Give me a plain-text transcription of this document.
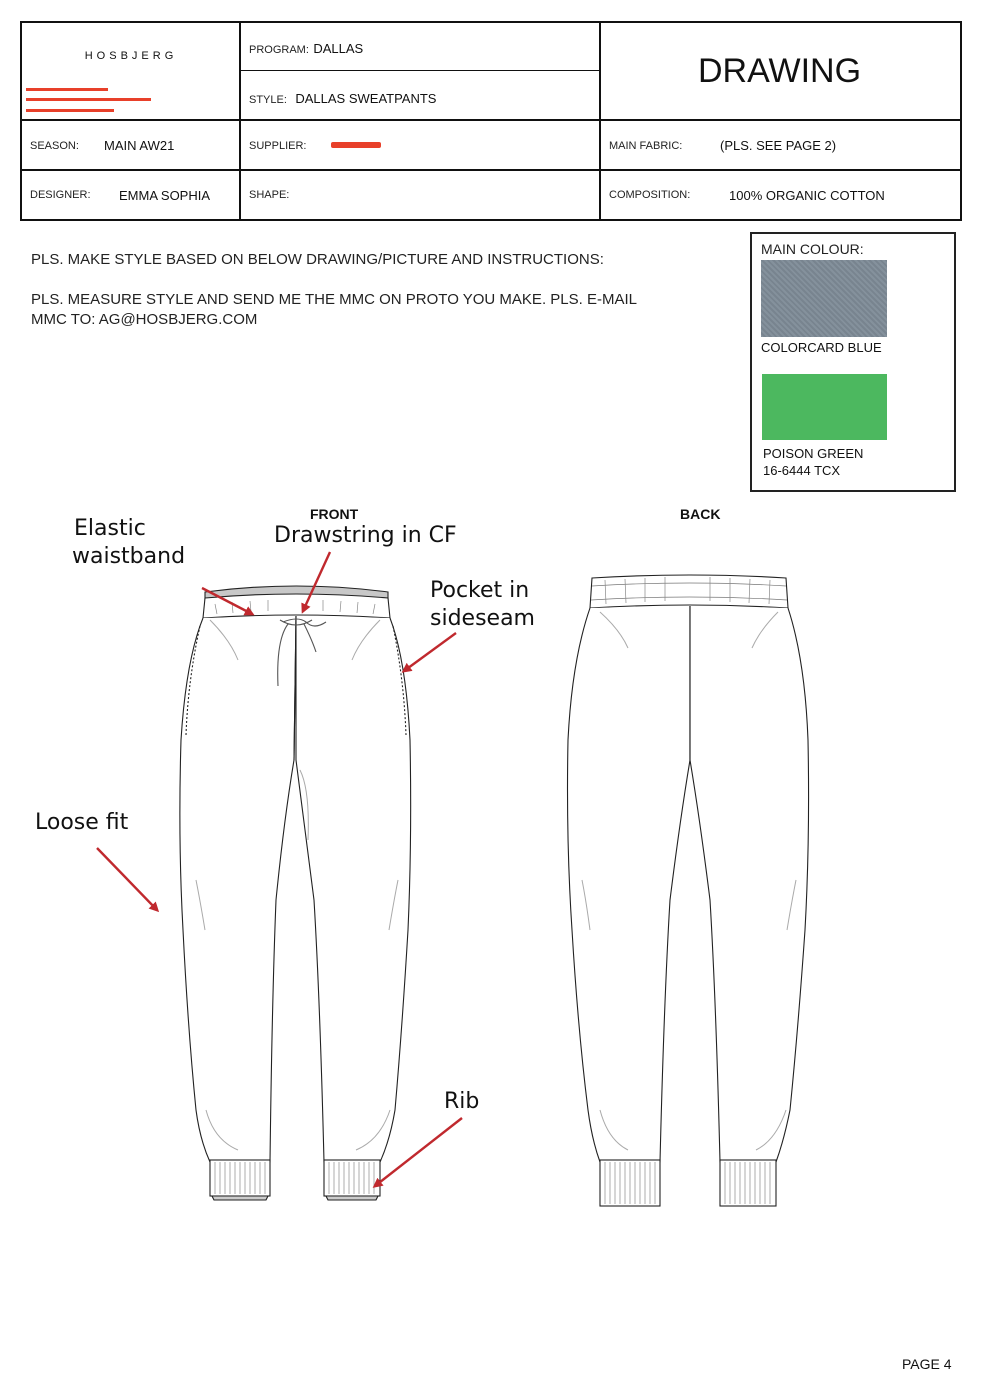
HOSBJERG	PROGRAM: DALLAS
STYLE: DALLAS SWEATPANTS
DRAWING
SEASON: MAIN AW21	SUPPLIER:	MAIN FABRIC:	(PLS. SEE PAGE 2)
DESIGNER: EMMA SOPHIA	SHAPE:	COMPOSITION:	100% ORGANIC COTTON
PLS. MAKE STYLE BASED ON BELOW DRAWING/PICTURE AND INSTRUCTIONS:
PLS. MEASURE STYLE AND SEND ME THE MMC ON PROTO YOU MAKE. PLS. E-MAIL
MMC TO: AG@HOSBJERG.COM
MAIN COLOUR:
COLORCARD BLUE
POISON GREEN
16-6444 TCX
FRONT	BACK
Elastic
waistband
Drawstring in CF
Pocket in
sideseam
Loose fit
Rib
PAGE 4
